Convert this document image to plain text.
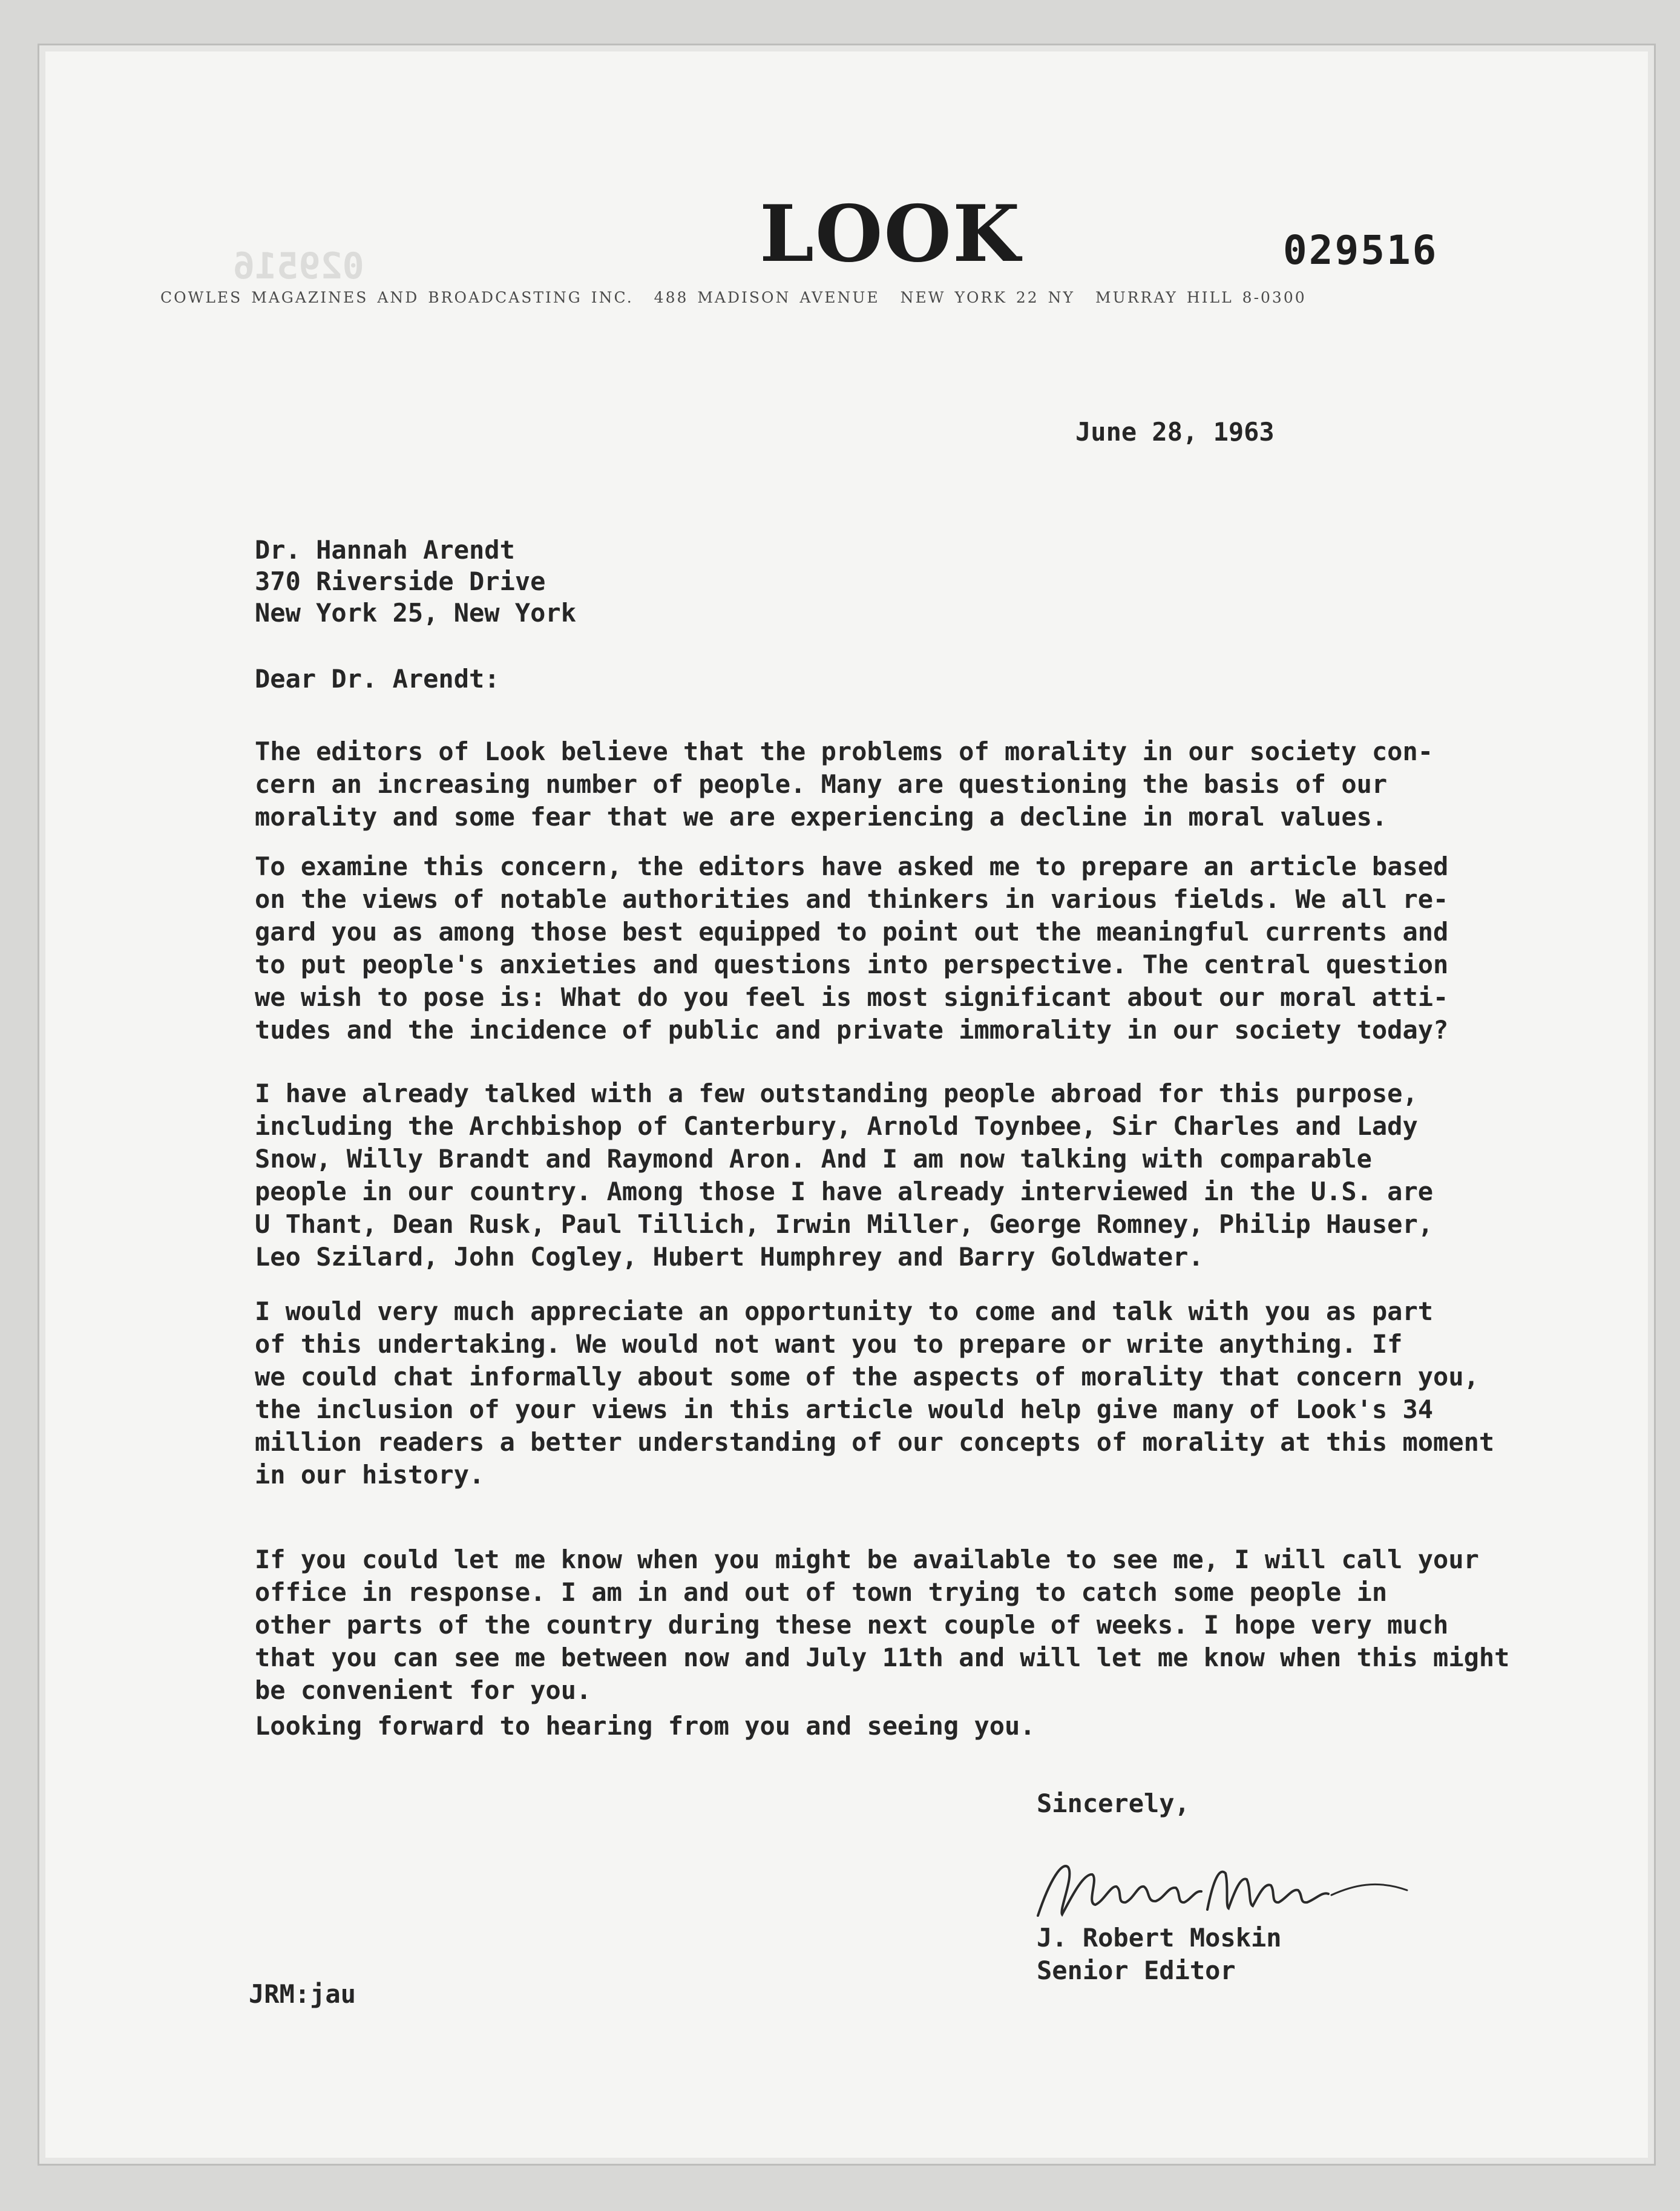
029516	LOOK	029516
COWLES MAGAZINES AND BROADCASTING INC. 488 MADISON AVENUE NEW YORK 22 NY MURRAY HILL 8-0300
June 28, 1963
Dr. Hannah Arendt
370 Riverside Drive
New York 25, New York
Dear Dr. Arendt:
The editors of Look believe that the problems of morality in our society con-
cern an increasing number of people. Many are questioning the basis of our
morality and some fear that we are experiencing a decline in moral values.
To examine this concern, the editors have asked me to prepare an article based
on the views of notable authorities and thinkers in various fields. We all re-
gard you as among those best equipped to point out the meaningful currents and
to put people's anxieties and questions into perspective. The central question
we wish to pose is: What do you feel is most significant about our moral atti-
tudes and the incidence of public and private immorality in our society today?
I have already talked with a few outstanding people abroad for this purpose,
including the Archbishop of Canterbury, Arnold Toynbee, Sir Charles and Lady
Snow, Willy Brandt and Raymond Aron. And I am now talking with comparable
people in our country. Among those I have already interviewed in the U.S. are
U Thant, Dean Rusk, Paul Tillich, Irwin Miller, George Romney, Philip Hauser,
Leo Szilard, John Cogley, Hubert Humphrey and Barry Goldwater.
I would very much appreciate an opportunity to come and talk with you as part
of this undertaking. We would not want you to prepare or write anything. If
we could chat informally about some of the aspects of morality that concern you,
the inclusion of your views in this article would help give many of Look's 34
million readers a better understanding of our concepts of morality at this moment
in our history.
If you could let me know when you might be available to see me, I will call your
office in response. I am in and out of town trying to catch some people in
other parts of the country during these next couple of weeks. I hope very much
that you can see me between now and July 11th and will let me know when this might
be convenient for you.
Looking forward to hearing from you and seeing you.
Sincerely,
J. Robert Moskin
Senior Editor
JRM:jau
